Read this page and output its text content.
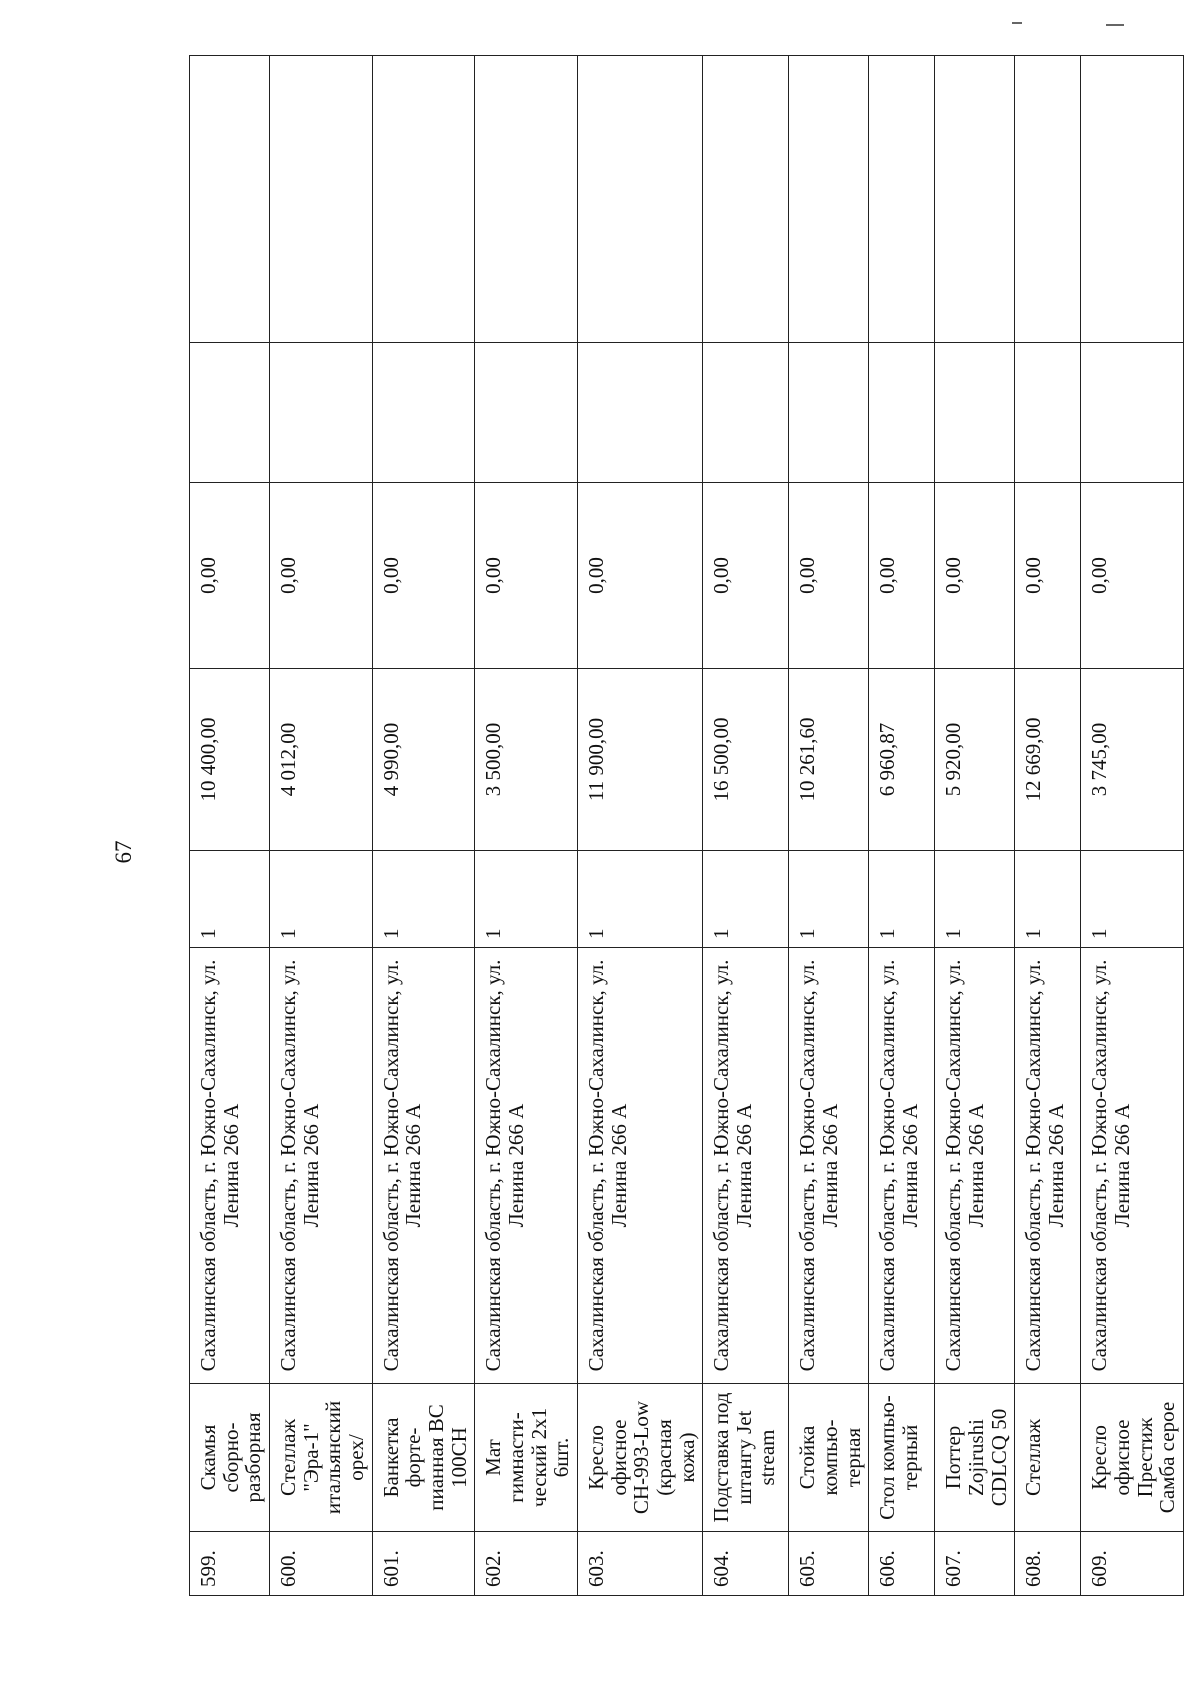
67
599.	Скамья сборно-разборная	Сахалинская область, г. Южно-Сахалинск, ул. Ленина 266 А	1	10 400,00	0,00		
600.	Стеллаж "Эра-1" итальянский орех/	Сахалинская область, г. Южно-Сахалинск, ул. Ленина 266 А	1	4 012,00	0,00		
601.	Банкетка форте-пианная ВС 100СН	Сахалинская область, г. Южно-Сахалинск, ул. Ленина 266 А	1	4 990,00	0,00		
602.	Мат гимнасти-ческий 2х1 6шт.	Сахалинская область, г. Южно-Сахалинск, ул. Ленина 266 А	1	3 500,00	0,00		
603.	Кресло офисное СН-993-Low (красная кожа)	Сахалинская область, г. Южно-Сахалинск, ул. Ленина 266 А	1	11 900,00	0,00		
604.	Подставка под штангу Jet stream	Сахалинская область, г. Южно-Сахалинск, ул. Ленина 266 А	1	16 500,00	0,00		
605.	Стойка компью-терная	Сахалинская область, г. Южно-Сахалинск, ул. Ленина 266 А	1	10 261,60	0,00		
606.	Стол компью-терный	Сахалинская область, г. Южно-Сахалинск, ул. Ленина 266 А	1	6 960,87	0,00		
607.	Поттер Zojirushi CDLCQ 50	Сахалинская область, г. Южно-Сахалинск, ул. Ленина 266 А	1	5 920,00	0,00		
608.	Стеллаж	Сахалинская область, г. Южно-Сахалинск, ул. Ленина 266 А	1	12 669,00	0,00		
609.	Кресло офисное Престиж Самба серое	Сахалинская область, г. Южно-Сахалинск, ул. Ленина 266 А	1	3 745,00	0,00		
